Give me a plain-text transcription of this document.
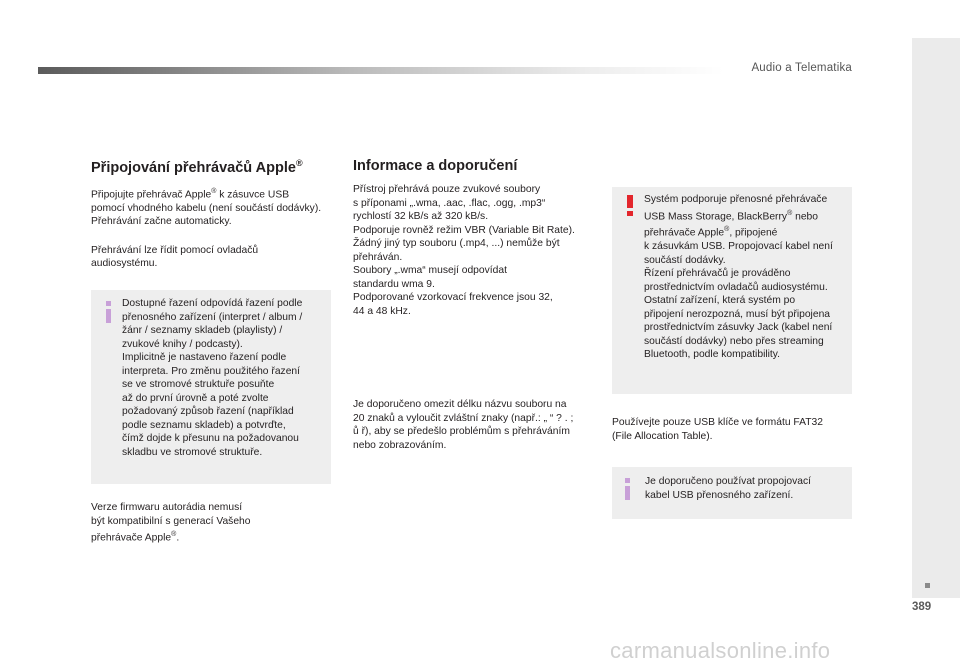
Audio a Telematika
389
Připojování přehrávačů Apple®

Připojujte přehrávač Apple® k zásuvce USB
pomocí vhodného kabelu (není součástí dodávky).
Přehrávání začne automaticky.

Přehrávání lze řídit pomocí ovladačů
audiosystému.

Dostupné řazení odpovídá řazení podle
přenosného zařízení (interpret / album /
žánr / seznamy skladeb (playlisty) /
zvukové knihy / podcasty).
Implicitně je nastaveno řazení podle
interpreta. Pro změnu použitého řazení
se ve stromové struktuře posuňte
až do první úrovně a poté zvolte
požadovaný způsob řazení (například
podle seznamu skladeb) a potvrďte,
čímž dojde k přesunu na požadovanou
skladbu ve stromové struktuře.

Verze firmwaru autorádia nemusí
být kompatibilní s generací Vašeho
přehrávače Apple®.

Informace a doporučení

Přístroj přehrává pouze zvukové soubory
s příponami „.wma, .aac, .flac, .ogg, .mp3“
rychlostí 32 kB/s až 320 kB/s.
Podporuje rovněž režim VBR (Variable Bit Rate).
Žádný jiný typ souboru (.mp4, ...) nemůže být
přehráván.
Soubory „.wma“ musejí odpovídat
standardu wma 9.
Podporované vzorkovací frekvence jsou 32,
44 a 48 kHz.

Je doporučeno omezit délku názvu souboru na
20 znaků a vyloučit zvláštní znaky (např.: „ “ ? . ;
ů ř), aby se předešlo problémům s přehráváním
nebo zobrazováním.

Systém podporuje přenosné přehrávače
USB Mass Storage, BlackBerry® nebo
přehrávače Apple®, připojené
k zásuvkám USB. Propojovací kabel není
součástí dodávky.
Řízení přehrávačů je prováděno
prostřednictvím ovladačů audiosystému.
Ostatní zařízení, která systém po
připojení nerozpozná, musí být připojena
prostřednictvím zásuvky Jack (kabel není
součástí dodávky) nebo přes streaming
Bluetooth, podle kompatibility.

Používejte pouze USB klíče ve formátu FAT32
(File Allocation Table).

Je doporučeno používat propojovací
kabel USB přenosného zařízení.
carmanualsonline.info
